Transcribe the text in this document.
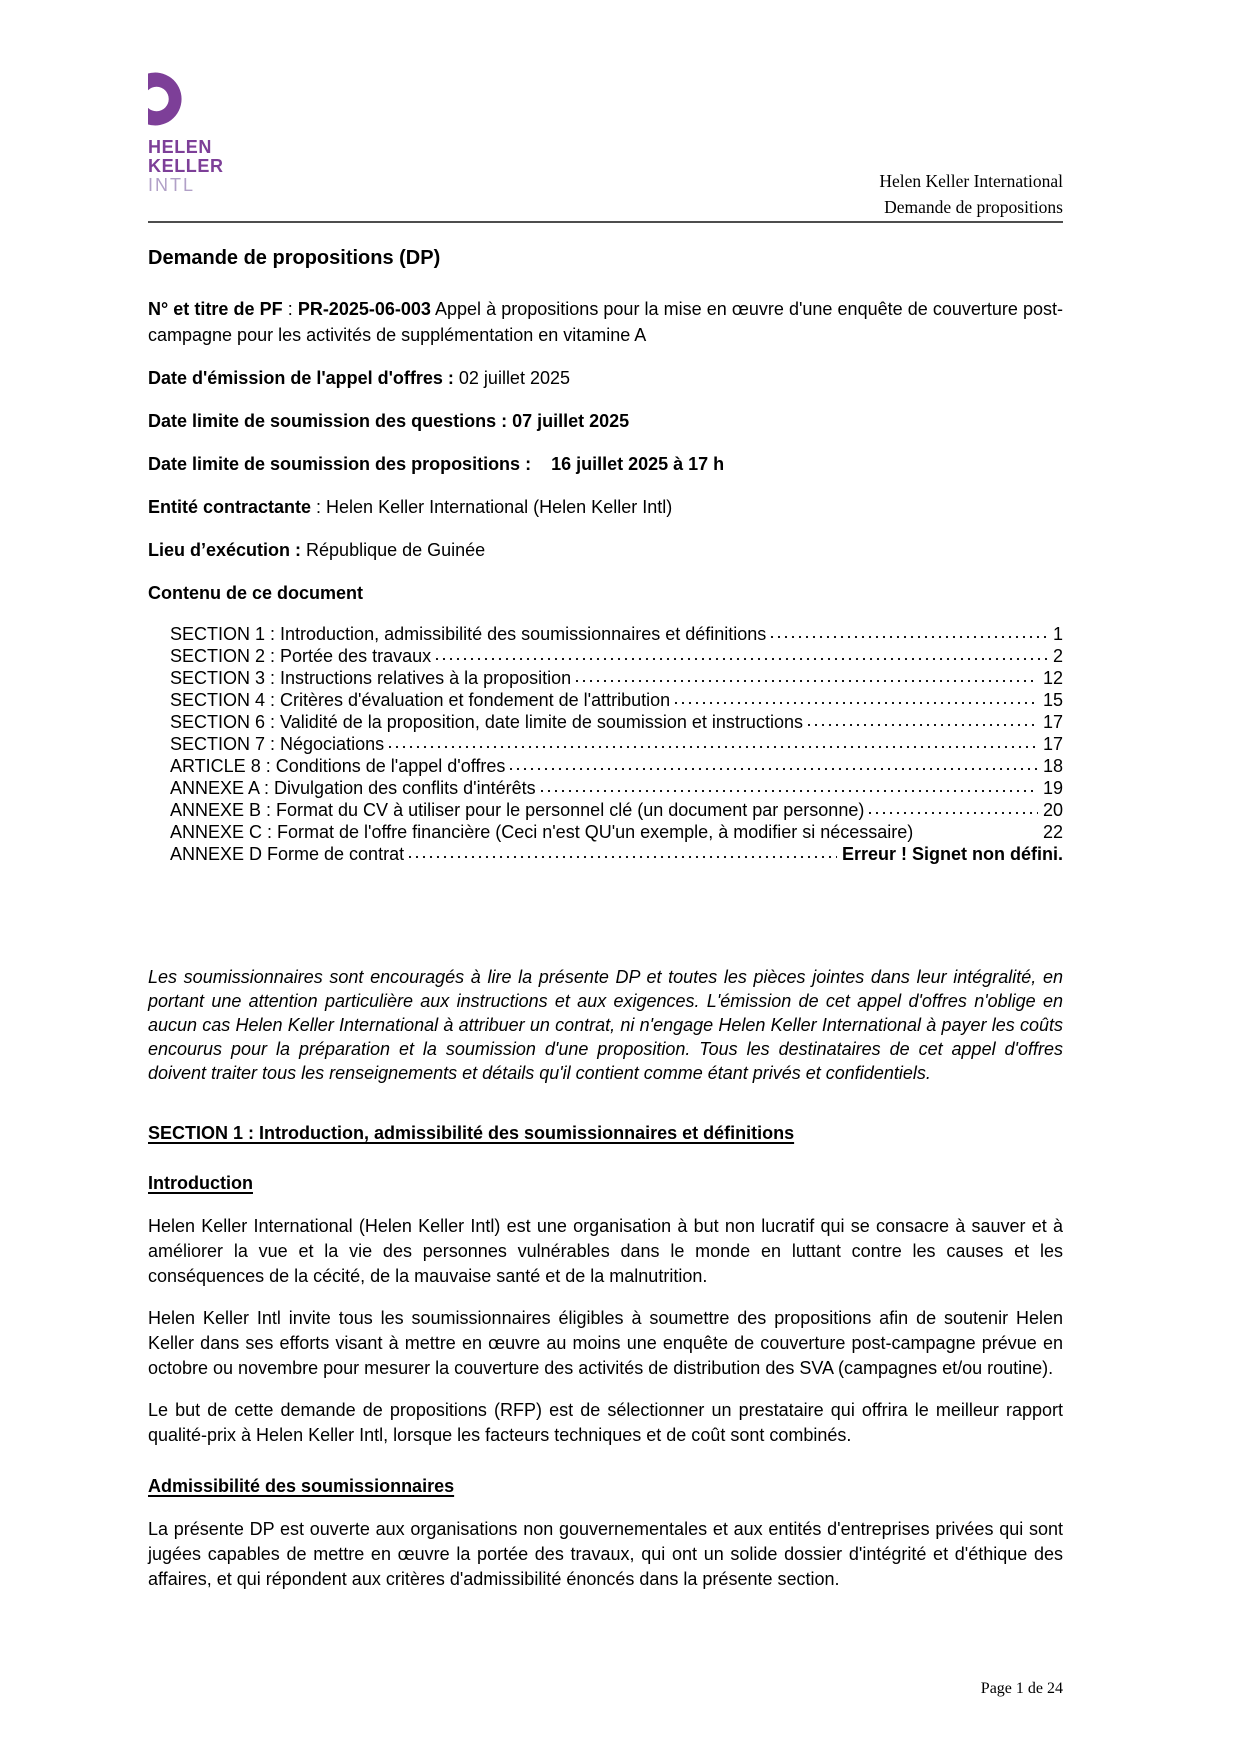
HELEN
KELLER
INTL	Helen Keller International
Demande de propositions

Demande de propositions (DP)

N° et titre de PF : PR-2025-06-003 Appel à propositions pour la mise en œuvre d'une enquête de couverture post-campagne pour les activités de supplémentation en vitamine A

Date d'émission de l'appel d'offres : 02 juillet 2025

Date limite de soumission des questions : 07 juillet 2025

Date limite de soumission des propositions :    16 juillet 2025 à 17 h

Entité contractante : Helen Keller International (Helen Keller Intl)

Lieu d’exécution : République de Guinée

Contenu de ce document

SECTION 1 : Introduction, admissibilité des soumissionnaires et définitions	1
SECTION 2 : Portée des travaux	2
SECTION 3 : Instructions relatives à la proposition	12
SECTION 4 : Critères d'évaluation et fondement de l'attribution	15
SECTION 6 : Validité de la proposition, date limite de soumission et instructions	17
SECTION 7 : Négociations	17
ARTICLE 8 : Conditions de l'appel d'offres	18
ANNEXE A : Divulgation des conflits d'intérêts	19
ANNEXE B : Format du CV à utiliser pour le personnel clé (un document par personne)	20
ANNEXE C : Format de l'offre financière (Ceci n'est QU'un exemple, à modifier si nécessaire)	22
ANNEXE D Forme de contrat	Erreur ! Signet non défini.

Les soumissionnaires sont encouragés à lire la présente DP et toutes les pièces jointes dans leur intégralité, en portant une attention particulière aux instructions et aux exigences. L'émission de cet appel d'offres n'oblige en aucun cas Helen Keller International à attribuer un contrat, ni n'engage Helen Keller International à payer les coûts encourus pour la préparation et la soumission d'une proposition. Tous les destinataires de cet appel d'offres doivent traiter tous les renseignements et détails qu'il contient comme étant privés et confidentiels.

SECTION 1 : Introduction, admissibilité des soumissionnaires et définitions

Introduction

Helen Keller International (Helen Keller Intl) est une organisation à but non lucratif qui se consacre à sauver et à améliorer la vue et la vie des personnes vulnérables dans le monde en luttant contre les causes et les conséquences de la cécité, de la mauvaise santé et de la malnutrition.

Helen Keller Intl invite tous les soumissionnaires éligibles à soumettre des propositions afin de soutenir Helen Keller dans ses efforts visant à mettre en œuvre au moins une enquête de couverture post-campagne prévue en octobre ou novembre pour mesurer la couverture des activités de distribution des SVA (campagnes et/ou routine).

Le but de cette demande de propositions (RFP) est de sélectionner un prestataire qui offrira le meilleur rapport qualité-prix à Helen Keller Intl, lorsque les facteurs techniques et de coût sont combinés.

Admissibilité des soumissionnaires

La présente DP est ouverte aux organisations non gouvernementales et aux entités d'entreprises privées qui sont jugées capables de mettre en œuvre la portée des travaux, qui ont un solide dossier d'intégrité et d'éthique des affaires, et qui répondent aux critères d'admissibilité énoncés dans la présente section.

Page 1 de 24
